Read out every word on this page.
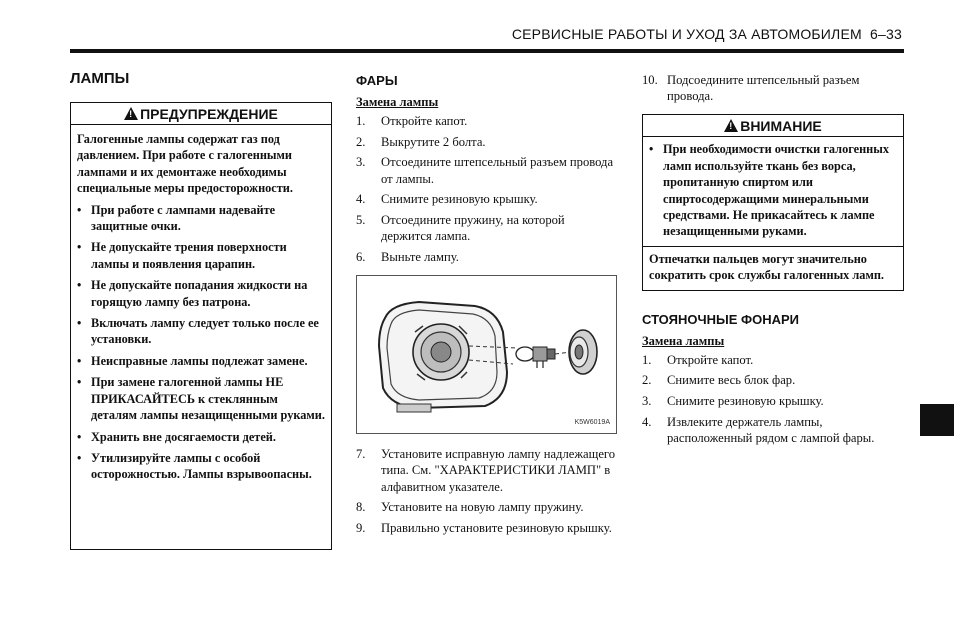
СЕРВИСНЫЕ РАБОТЫ И УХОД ЗА АВТОМОБИЛЕМ 6–33
ЛАМПЫ
!ПРЕДУПРЕЖДЕНИЕ
Галогенные лампы содержат газ под давлением. При работе с галогенными лампами и их демонтаже необходимы специальные меры предосторожности.
• При работе с лампами надевайте защитные очки.
• Не допускайте трения поверхности лампы и появления царапин.
• Не допускайте попадания жидкости на горящую лампу без патрона.
• Включать лампу следует только после ее установки.
• Неисправные лампы подлежат замене.
• При замене галогенной лампы НЕ ПРИКАСАЙТЕСЬ к стеклянным деталям лампы незащищенными руками.
• Хранить вне досягаемости детей.
• Утилизируйте лампы с особой осторожностью. Лампы взрывоопасны.
ФАРЫ
Замена лампы
1. Откройте капот.
2. Выкрутите 2 болта.
3. Отсоедините штепсельный разъем провода от лампы.
4. Снимите резиновую крышку.
5. Отсоедините пружину, на которой держится лампа.
6. Выньте лампу.
K5W6019A
7. Установите исправную лампу надлежащего типа. См. "ХАРАКТЕРИСТИКИ ЛАМП" в алфавитном указателе.
8. Установите на новую лампу пружину.
9. Правильно установите резиновую крышку.
10. Подсоедините штепсельный разъем провода.
!ВНИМАНИЕ
• При необходимости очистки галогенных ламп используйте ткань без ворса, пропитанную спиртом или спиртосодержащими минеральными средствами. Не прикасайтесь к лампе незащищенными руками.
Отпечатки пальцев могут значительно сократить срок службы галогенных ламп.
СТОЯНОЧНЫЕ ФОНАРИ
Замена лампы
1. Откройте капот.
2. Снимите весь блок фар.
3. Снимите резиновую крышку.
4. Извлеките держатель лампы, расположенный рядом с лампой фары.
